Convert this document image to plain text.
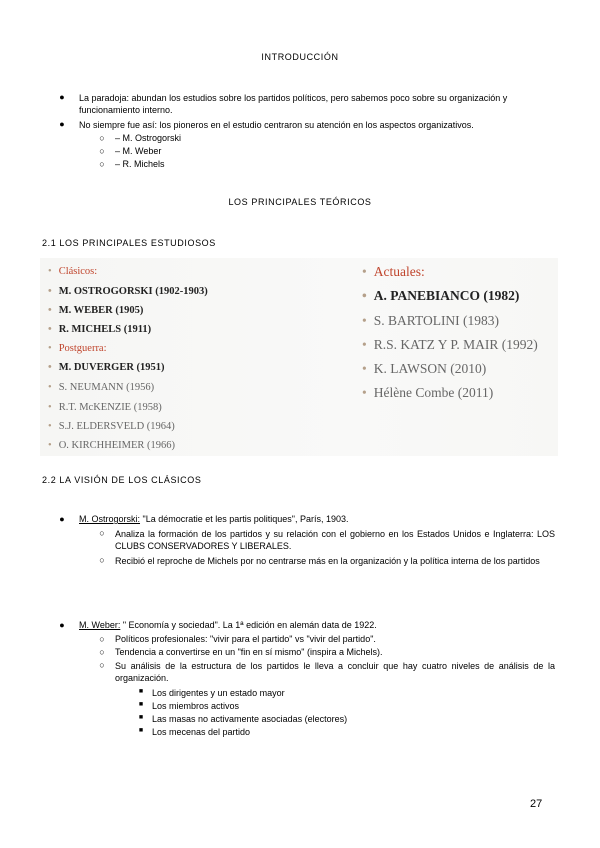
INTRODUCCIÓN
● La paradoja: abundan los estudios sobre los partidos políticos, pero sabemos poco sobre su organización y funcionamiento interno.
● No siempre fue así: los pioneros en el estudio centraron su atención en los aspectos organizativos.
○ – M. Ostrogorski
○ – M. Weber
○ – R. Michels
LOS PRINCIPALES TEÓRICOS
2.1 LOS PRINCIPALES ESTUDIOSOS
• Clásicos:
• M. OSTROGORSKI (1902-1903)
• M. WEBER (1905)
• R. MICHELS (1911)
• Postguerra:
• M. DUVERGER (1951)
• S. NEUMANN (1956)
• R.T. McKENZIE (1958)
• S.J. ELDERSVELD (1964)
• O. KIRCHHEIMER (1966)
• Actuales:
• A. PANEBIANCO (1982)
• S. BARTOLINI (1983)
• R.S. KATZ Y P. MAIR (1992)
• K. LAWSON (2010)
• Hélène Combe (2011)
2.2 LA VISIÓN DE LOS CLÁSICOS
● M. Ostrogorski: "La démocratie et les partis politiques", París, 1903.
○ Analiza la formación de los partidos y su relación con el gobierno en los Estados Unidos e Inglaterra: LOS CLUBS CONSERVADORES Y LIBERALES.
○ Recibió el reproche de Michels por no centrarse más en la organización y la política interna de los partidos
● M. Weber: " Economía y sociedad". La 1ª edición en alemán data de 1922.
○ Políticos profesionales: "vivir para el partido" vs "vivir del partido".
○ Tendencia a convertirse en un "fin en sí mismo" (inspira a Michels).
○ Su análisis de la estructura de los partidos le lleva a concluir que hay cuatro niveles de análisis de la organización.
■ Los dirigentes y un estado mayor
■ Los miembros activos
■ Las masas no activamente asociadas (electores)
■ Los mecenas del partido
27
